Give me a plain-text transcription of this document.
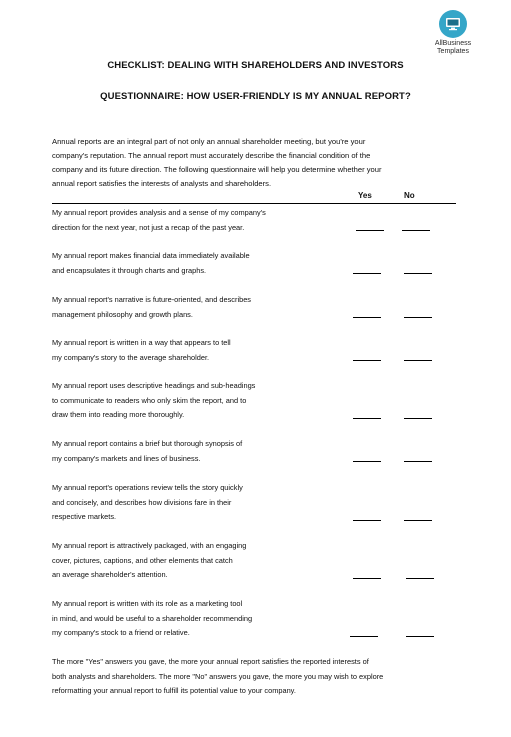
AllBusiness
Templates
CHECKLIST: DEALING WITH SHAREHOLDERS AND INVESTORS
QUESTIONNAIRE: HOW USER-FRIENDLY IS MY ANNUAL REPORT?
Annual reports are an integral part of not only an annual shareholder meeting, but you're your
company's reputation. The annual report must accurately describe the financial condition of the
company and its future direction. The following questionnaire will help you determine whether your
annual report satisfies the interests of analysts and shareholders.
Yes	No
My annual report provides analysis and a sense of my company's
direction for the next year, not just a recap of the past year.
My annual report makes financial data immediately available
and encapsulates it through charts and graphs.
My annual report's narrative is future-oriented, and describes
management philosophy and growth plans.
My annual report is written in a way that appears to tell
my company's story to the average shareholder.
My annual report uses descriptive headings and sub-headings
to communicate to readers who only skim the report, and to
draw them into reading more thoroughly.
My annual report contains a brief but thorough synopsis of
my company's markets and lines of business.
My annual report's operations review tells the story quickly
and concisely, and describes how divisions fare in their
respective markets.
My annual report is attractively packaged, with an engaging
cover, pictures, captions, and other elements that catch
an average shareholder's attention.
My annual report is written with its role as a marketing tool
in mind, and would be useful to a shareholder recommending
my company's stock to a friend or relative.
The more "Yes" answers you gave, the more your annual report satisfies the reported interests of
both analysts and shareholders. The more "No" answers you gave, the more you may wish to explore
reformatting your annual report to fulfill its potential value to your company.
